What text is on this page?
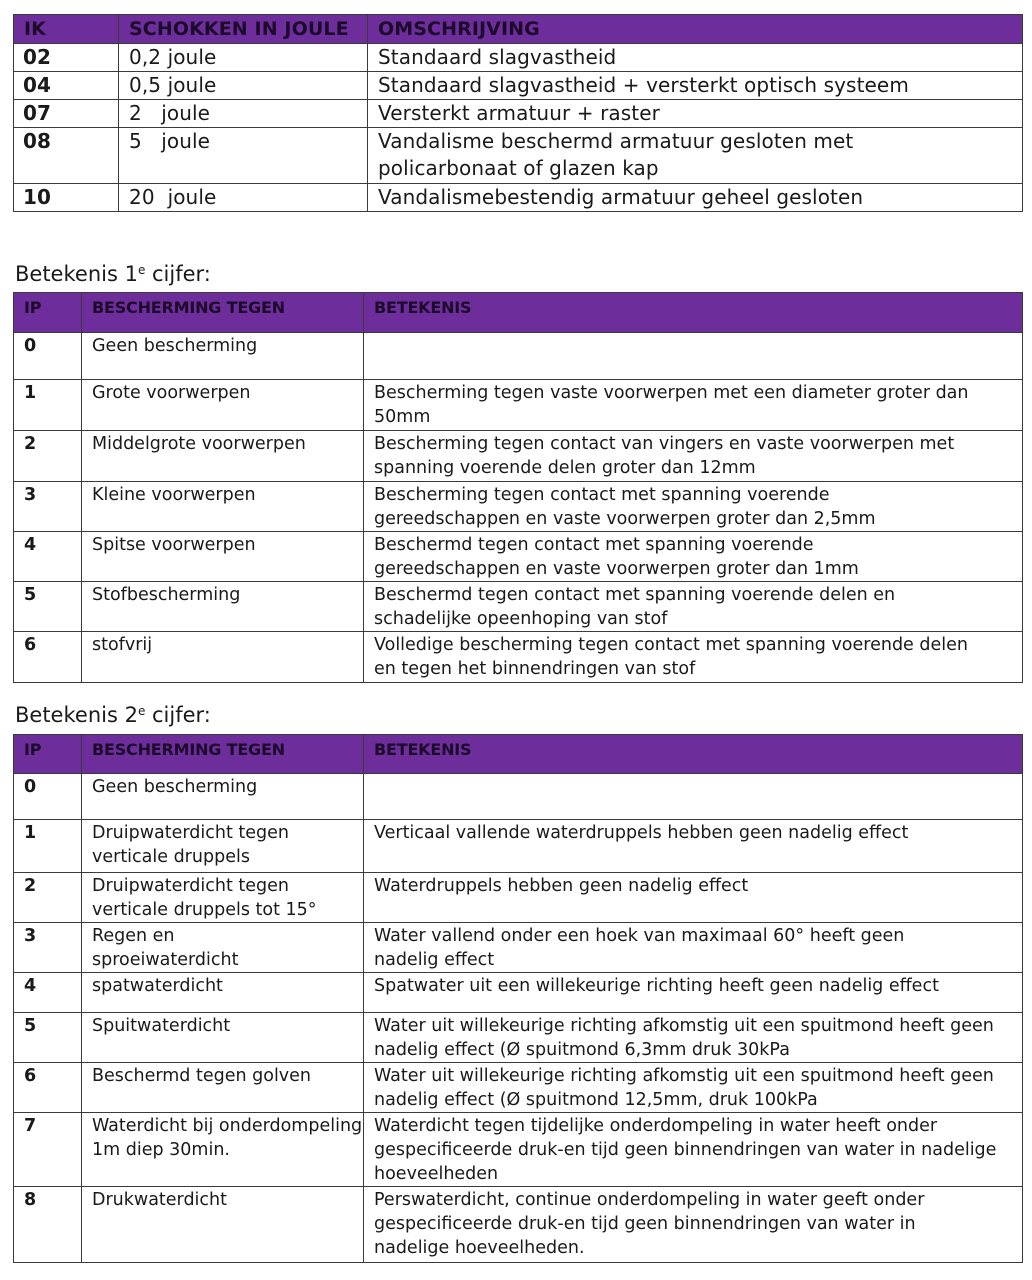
IK	SCHOKKEN IN JOULE	OMSCHRIJVING
02	0,2 joule	Standaard slagvastheid
04	0,5 joule	Standaard slagvastheid + versterkt optisch systeem
07	2   joule	Versterkt armatuur + raster
08	5   joule	Vandalisme beschermd armatuur gesloten met policarbonaat of glazen kap
10	20  joule	Vandalismebestendig armatuur geheel gesloten
Betekenis 1e cijfer:
IP	BESCHERMING TEGEN	BETEKENIS
0	Geen bescherming	
1	Grote voorwerpen	Bescherming tegen vaste voorwerpen met een diameter groter dan 50mm
2	Middelgrote voorwerpen	Bescherming tegen contact van vingers en vaste voorwerpen met spanning voerende delen groter dan 12mm
3	Kleine voorwerpen	Bescherming tegen contact met spanning voerende gereedschappen en vaste voorwerpen groter dan 2,5mm
4	Spitse voorwerpen	Beschermd tegen contact met spanning voerende gereedschappen en vaste voorwerpen groter dan 1mm
5	Stofbescherming	Beschermd tegen contact met spanning voerende delen en schadelijke opeenhoping van stof
6	stofvrij	Volledige bescherming tegen contact met spanning voerende delen en tegen het binnendringen van stof
Betekenis 2e cijfer:
IP	BESCHERMING TEGEN	BETEKENIS
0	Geen bescherming	
1	Druipwaterdicht tegen verticale druppels	Verticaal vallende waterdruppels hebben geen nadelig effect
2	Druipwaterdicht tegen verticale druppels tot 15°	Waterdruppels hebben geen nadelig effect
3	Regen en sproeiwaterdicht	Water vallend onder een hoek van maximaal 60° heeft geen nadelig effect
4	spatwaterdicht	Spatwater uit een willekeurige richting heeft geen nadelig effect
5	Spuitwaterdicht	Water uit willekeurige richting afkomstig uit een spuitmond heeft geen nadelig effect (Ø spuitmond 6,3mm druk 30kPa
6	Beschermd tegen golven	Water uit willekeurige richting afkomstig uit een spuitmond heeft geen nadelig effect (Ø spuitmond 12,5mm, druk 100kPa
7	Waterdicht bij onderdompeling 1m diep 30min.	Waterdicht tegen tijdelijke onderdompeling in water heeft onder gespecificeerde druk-en tijd geen binnendringen van water in nadelige hoeveelheden
8	Drukwaterdicht	Perswaterdicht, continue onderdompeling in water geeft onder gespecificeerde druk-en tijd geen binnendringen van water in nadelige hoeveelheden.
